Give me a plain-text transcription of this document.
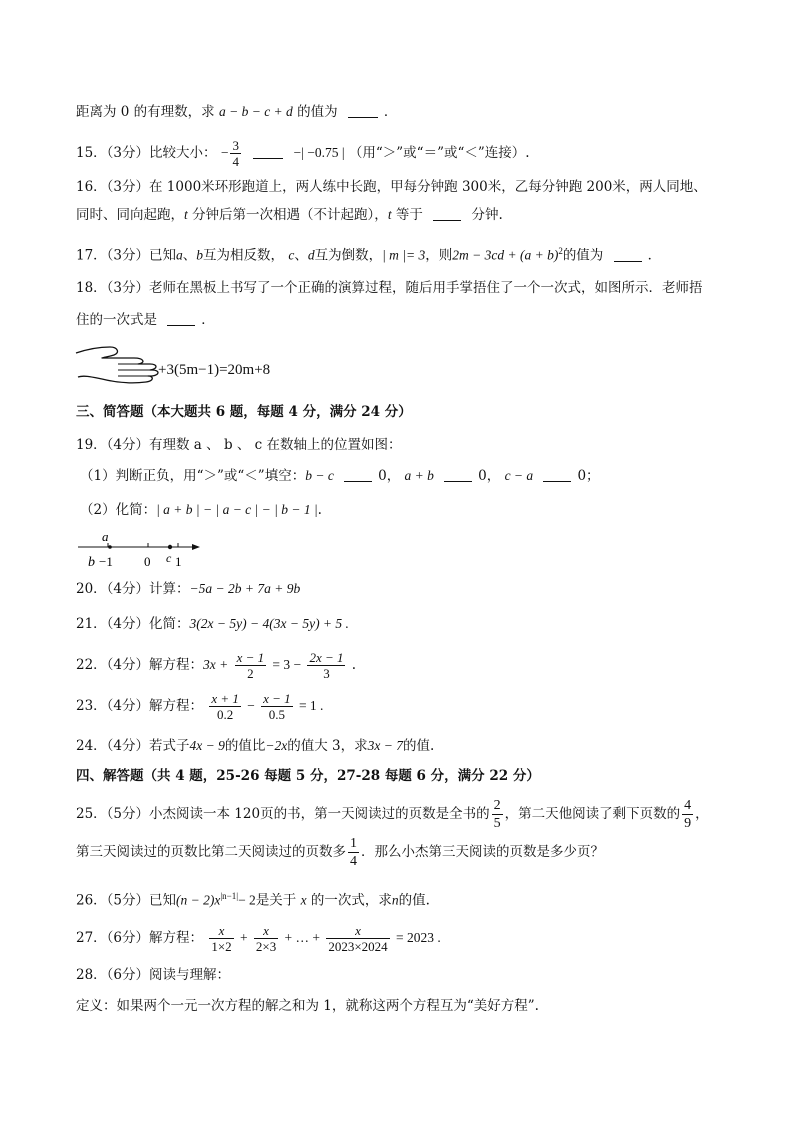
距离为 0 的有理数，求 a − b − c + d 的值为	．
15．（3分）比较大小： − $\frac{3}{4}$	−| −0.75 | （用“＞”或“＝”或“＜”连接）.
16．（3分）在 1000米环形跑道上，两人练中长跑，甲每分钟跑 300米，乙每分钟跑 200米，两人同地、
同时、同向起跑，t 分钟后第一次相遇（不计起跑），t 等于	分钟.
17．（3分）已知a、b互为相反数， c、d互为倒数，| m |= 3，则$2m - 3cd + (a + b)^2$的值为	．
18．（3分）老师在黑板上书写了一个正确的演算过程，随后用手掌捂住了一个一次式，如图所示．老师捂
住的一次式是	．
+3(5m−1)=20m+8
三、简答题（本大题共 6 题，每题 4 分，满分 24 分）
19．（4分）有理数 a 、 b 、 c 在数轴上的位置如图：
（1）判断正负，用“＞”或“＜”填空：b − c	0， a + b	0， c − a	0；
（2）化简：| a + b | − | a − c | − | b − 1 |.
a
b −1 0 c 1
20．（4分）计算：−5a − 2b + 7a + 9b
21．（4分）化简：3(2x − 5y) − 4(3x − 5y) + 5 .
22．（4分）解方程：$3x + \frac{x - 1}{2} = 3 - \frac{2x - 1}{3}$ .
23．（4分）解方程： $\frac{x + 1}{0.2} - \frac{x - 1}{0.5} = 1$ .
24．（4分）若式子4x − 9的值比−2x的值大 3，求3x − 7的值.
四、解答题（共 4 题，25-26 每题 5 分，27-28 每题 6 分，满分 22 分）
25．（5分）小杰阅读一本 120页的书，第一天阅读过的页数是全书的 $\frac{2}{5}$ ，第二天他阅读了剩下页数的 $\frac{4}{9}$ ，
第三天阅读过的页数比第二天阅读过的页数多 $\frac{1}{4}$ ．那么小杰第三天阅读的页数是多少页？
26．（5分）已知$(n - 2)x^{|n-1|}- 2$是关于 x 的一次式，求n的值.
27．（6分）解方程： $\frac{x}{1\times 2} + \frac{x}{2\times 3}$ + … + $\frac{x}{2023\times 2024} = 2023$ .
28．（6分）阅读与理解：
定义：如果两个一元一次方程的解之和为 1，就称这两个方程互为“美好方程”.
